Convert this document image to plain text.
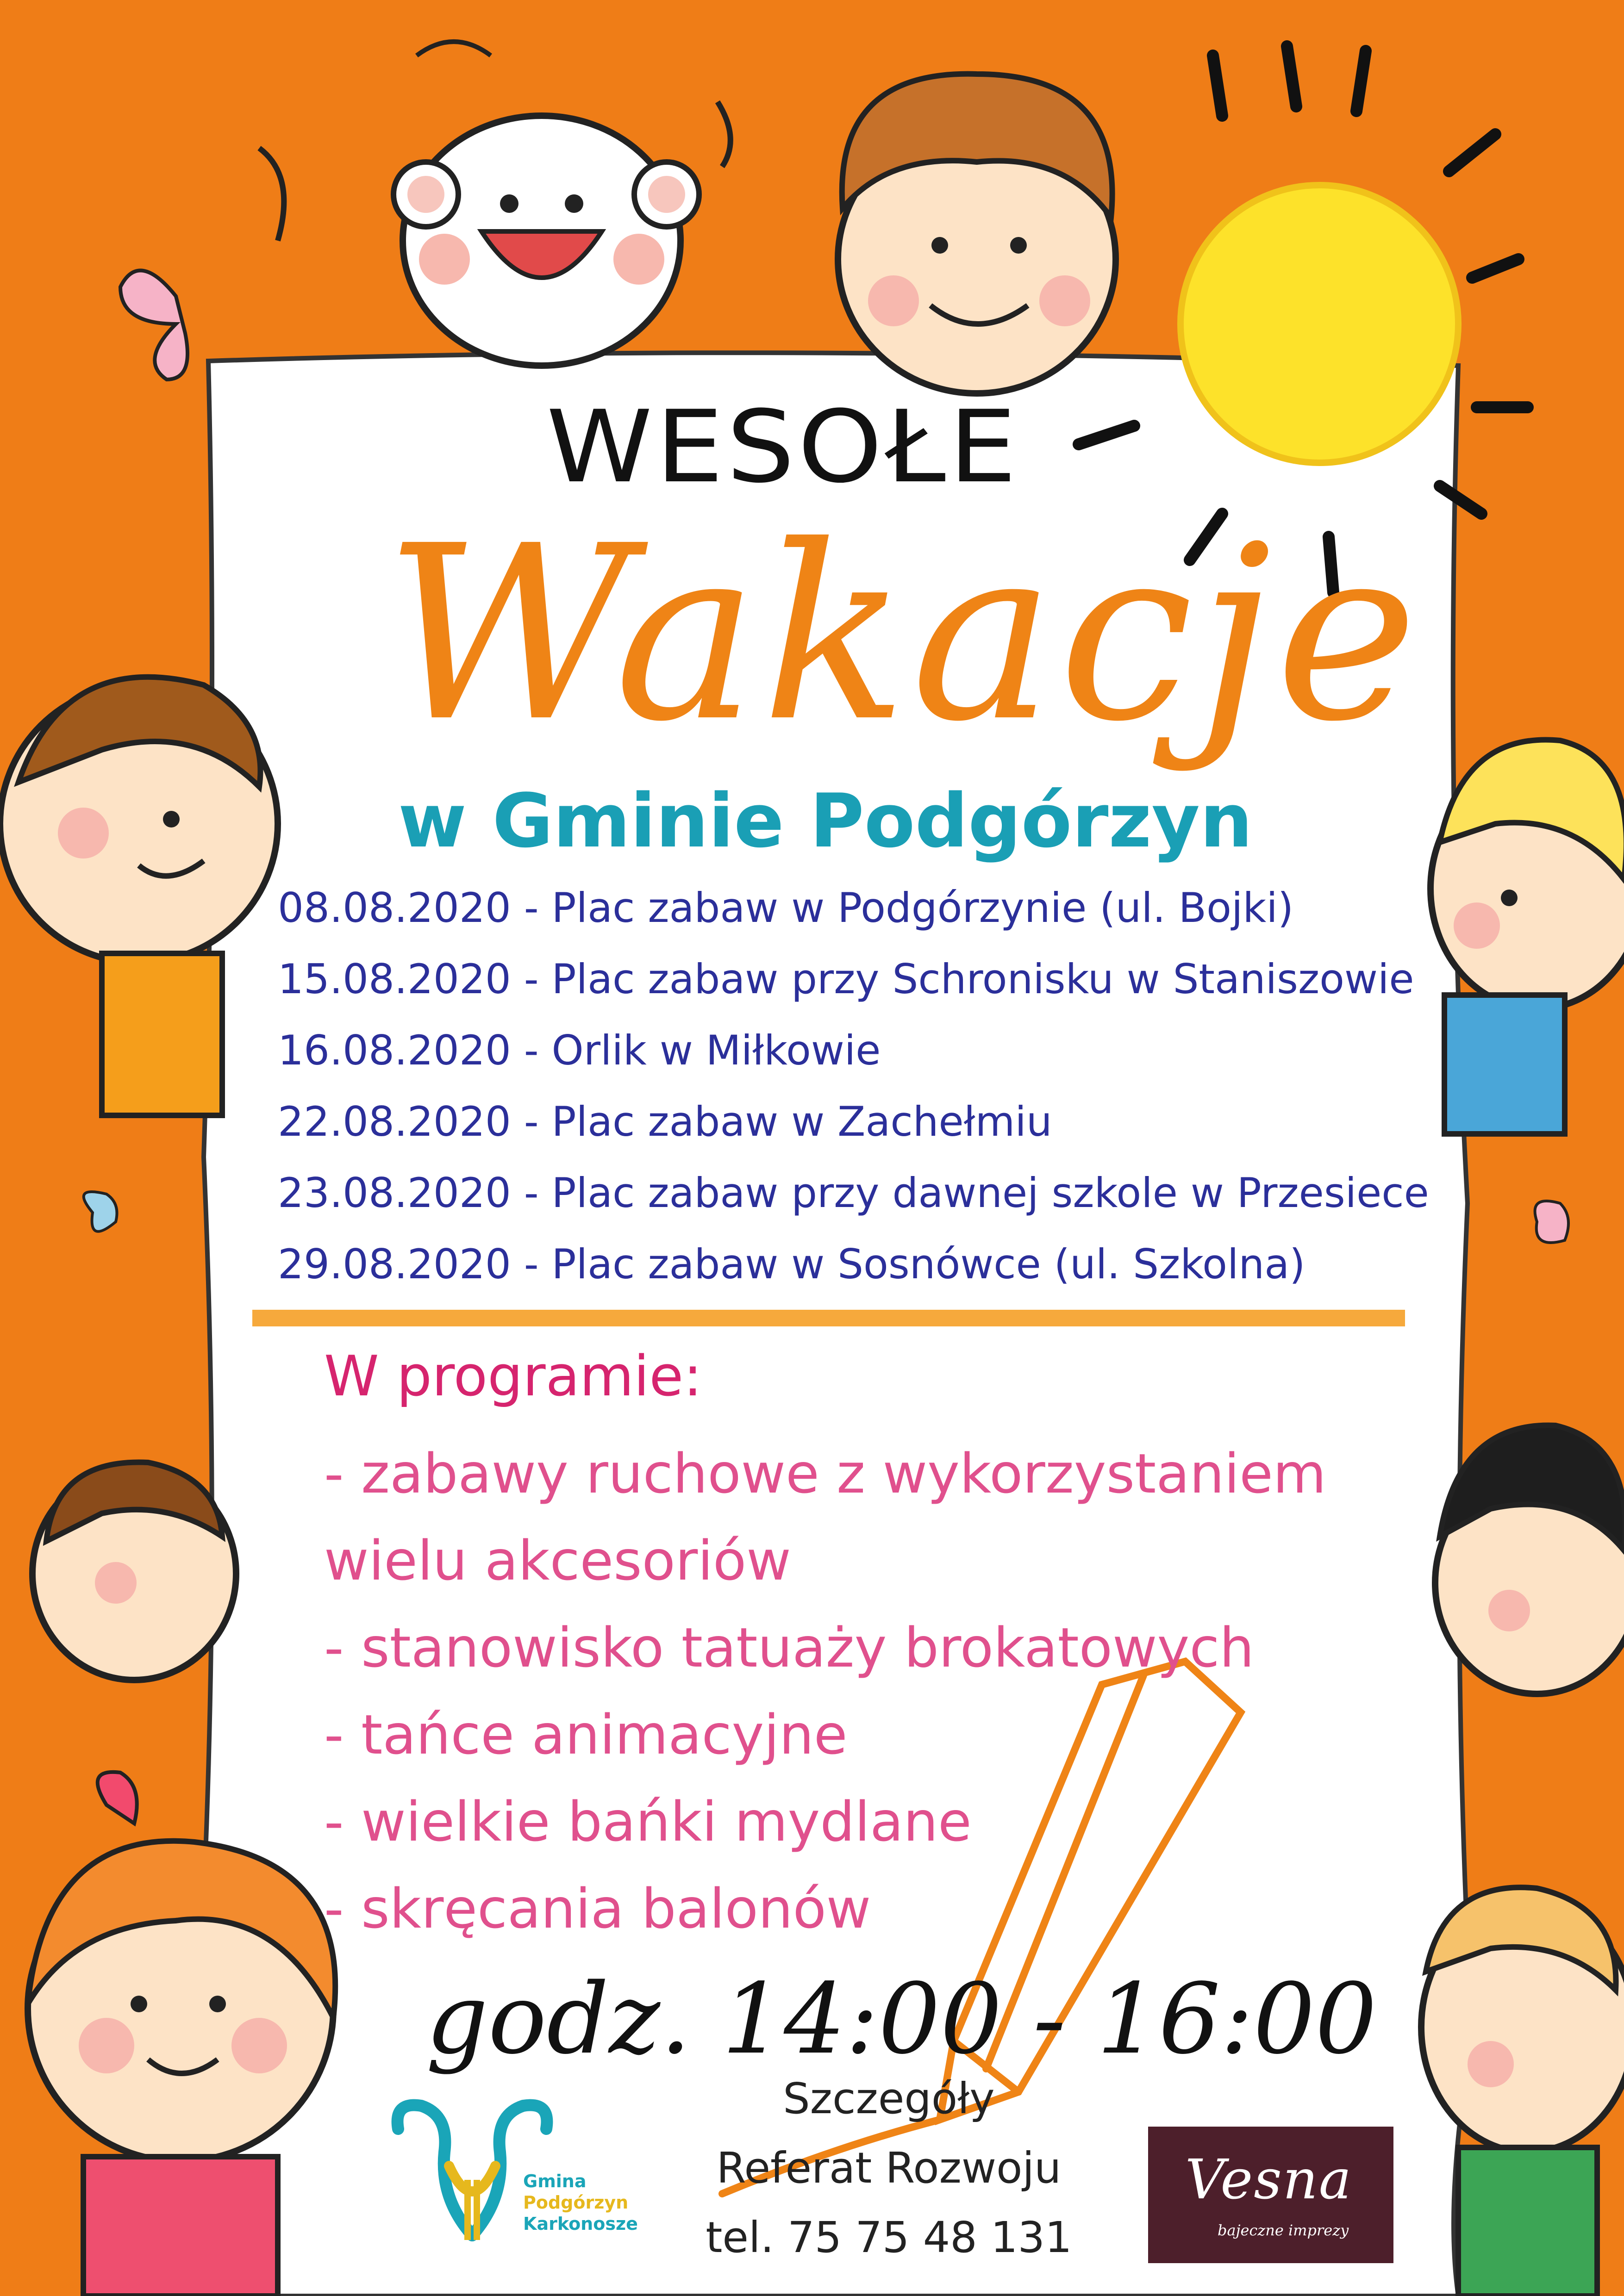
WESOŁE
Wakacje
w Gminie Podgórzyn
08.08.2020 - Plac zabaw w Podgórzynie (ul. Bojki)
15.08.2020 - Plac zabaw przy Schronisku w Staniszowie
16.08.2020 - Orlik w Miłkowie
22.08.2020 - Plac zabaw w Zachełmiu
23.08.2020 - Plac zabaw przy dawnej szkole w Przesiece
29.08.2020 - Plac zabaw w Sosnówce (ul. Szkolna)
W programie:
- zabawy ruchowe z wykorzystaniem
wielu akcesoriów
- stanowisko tatuaży brokatowych
- tańce animacyjne
- wielkie bańki mydlane
- skręcania balonów
godz. 14:00 - 16:00
Szczegóły
Referat Rozwoju
tel. 75 75 48 131
Gmina
Podgórzyn
Karkonosze
Vesna
bajeczne imprezy
